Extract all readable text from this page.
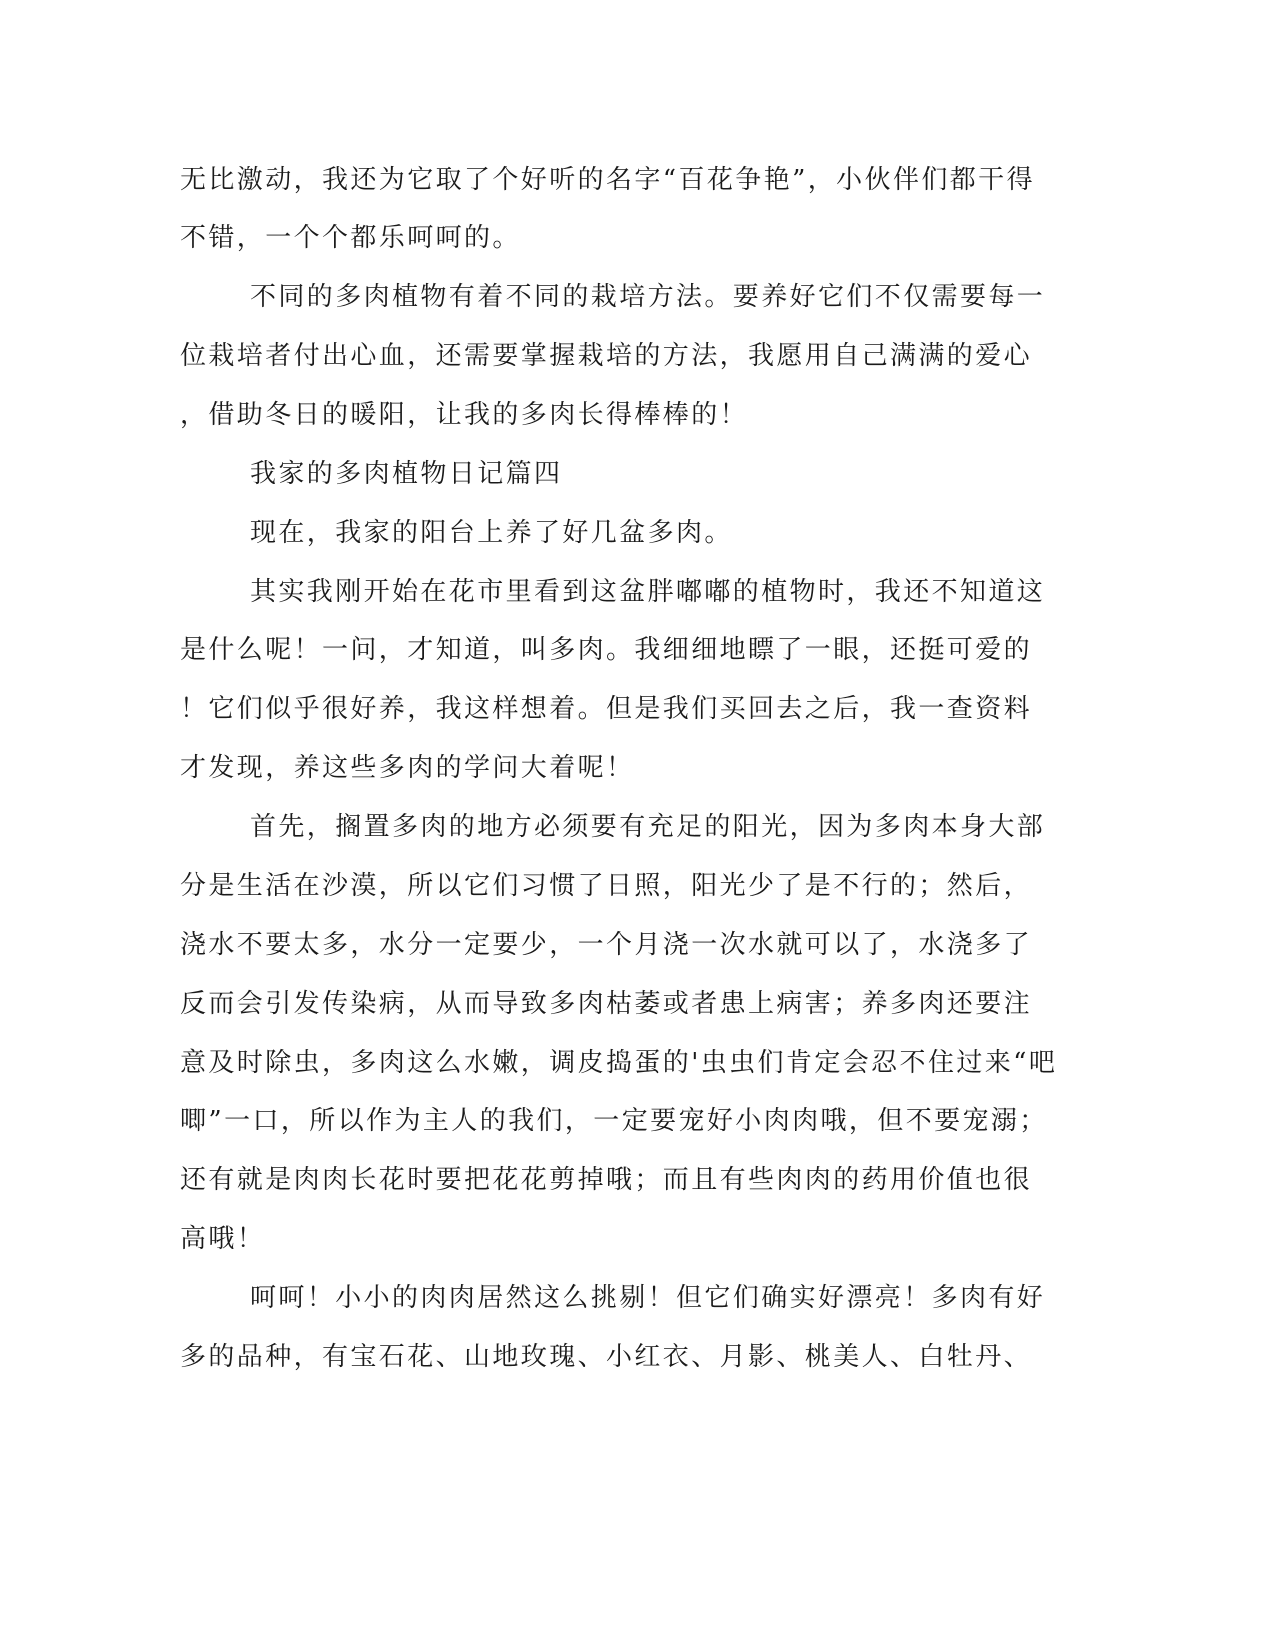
无比激动，我还为它取了个好听的名字“百花争艳”，小伙伴们都干得
不错，一个个都乐呵呵的。
不同的多肉植物有着不同的栽培方法。要养好它们不仅需要每一
位栽培者付出心血，还需要掌握栽培的方法，我愿用自己满满的爱心
，借助冬日的暖阳，让我的多肉长得棒棒的！
我家的多肉植物日记篇四
现在，我家的阳台上养了好几盆多肉。
其实我刚开始在花市里看到这盆胖嘟嘟的植物时，我还不知道这
是什么呢！一问，才知道，叫多肉。我细细地瞟了一眼，还挺可爱的
！它们似乎很好养，我这样想着。但是我们买回去之后，我一查资料
才发现，养这些多肉的学问大着呢！
首先，搁置多肉的地方必须要有充足的阳光，因为多肉本身大部
分是生活在沙漠，所以它们习惯了日照，阳光少了是不行的；然后，
浇水不要太多，水分一定要少，一个月浇一次水就可以了，水浇多了
反而会引发传染病，从而导致多肉枯萎或者患上病害；养多肉还要注
意及时除虫，多肉这么水嫩，调皮捣蛋的'虫虫们肯定会忍不住过来“吧
唧”一口，所以作为主人的我们，一定要宠好小肉肉哦，但不要宠溺；
还有就是肉肉长花时要把花花剪掉哦；而且有些肉肉的药用价值也很
高哦！
呵呵！小小的肉肉居然这么挑剔！但它们确实好漂亮！多肉有好
多的品种，有宝石花、山地玫瑰、小红衣、月影、桃美人、白牡丹、
